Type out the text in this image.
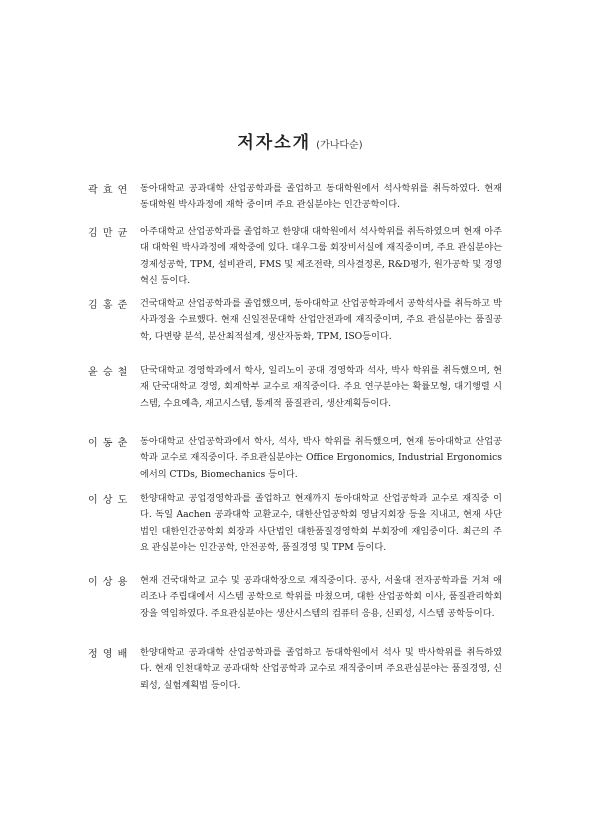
저자소개 (가나다순)
곽 효 연 동아대학교 공과대학 산업공학과를 졸업하고 동대학원에서 석사학위를 취득하였다. 현재 동대학원 박사과정에 재학 중이며 주요 관심분야는 인간공학이다.
김 만 균 아주대학교 산업공학과를 졸업하고 한양대 대학원에서 석사학위를 취득하였으며 현재 아주대 대학원 박사과정에 재학중에 있다. 대우그룹 회장비서실에 재직중이며, 주요 관심분야는 경제성공학, TPM, 설비관리, FMS 및 제조전략, 의사결정론, R&D평가, 원가공학 및 경영혁신 등이다.
김 홍 준 건국대학교 산업공학과를 졸업했으며, 동아대학교 산업공학과에서 공학석사를 취득하고 박사과정을 수료했다. 현재 신일전문대학 산업안전과에 재직중이며, 주요 관심분야는 품질공학, 다변량 분석, 분산최적설계, 생산자동화, TPM, ISO등이다.
윤 승 철 단국대학교 경영학과에서 학사, 일리노이 공대 경영학과 석사, 박사 학위를 취득했으며, 현재 단국대학교 경영, 회계학부 교수로 재직중이다. 주요 연구분야는 확률모형, 대기행렬 시스템, 수요예측, 재고시스템, 통계적 품질관리, 생산계획등이다.
이 동 춘 동아대학교 산업공학과에서 학사, 석사, 박사 학위를 취득했으며, 현재 동아대학교 산업공학과 교수로 재직중이다. 주요관심분야는 Office Ergonomics, Industrial Ergonomics에서의 CTDs, Biomechanics 등이다.
이 상 도 한양대학교 공업경영학과를 졸업하고 현재까지 동아대학교 산업공학과 교수로 재직중 이다. 독일 Aachen 공과대학 교환교수, 대한산업공학회 영남지회장 등을 지내고, 현재 사단법인 대한인간공학회 회장과 사단법인 대한품질경영학회 부회장에 재임중이다. 최근의 주요 관심분야는 인간공학, 안전공학, 품질경영 및 TPM 등이다.
이 상 용 현재 건국대학교 교수 및 공과대학장으로 재직중이다. 공사, 서울대 전자공학과를 거쳐 애리조나 주립대에서 시스템 공학으로 학위를 마쳤으며, 대한 산업공학회 이사, 품질관리학회장을 역임하였다. 주요관심분야는 생산시스템의 컴퓨터 응용, 신뢰성, 시스템 공학등이다.
정 영 배 한양대학교 공과대학 산업공학과를 졸업하고 동대학원에서 석사 및 박사학위를 취득하였다. 현재 인천대학교 공과대학 산업공학과 교수로 재직중이며 주요관심분야는 품질경영, 신뢰성, 실험계획법 등이다.
